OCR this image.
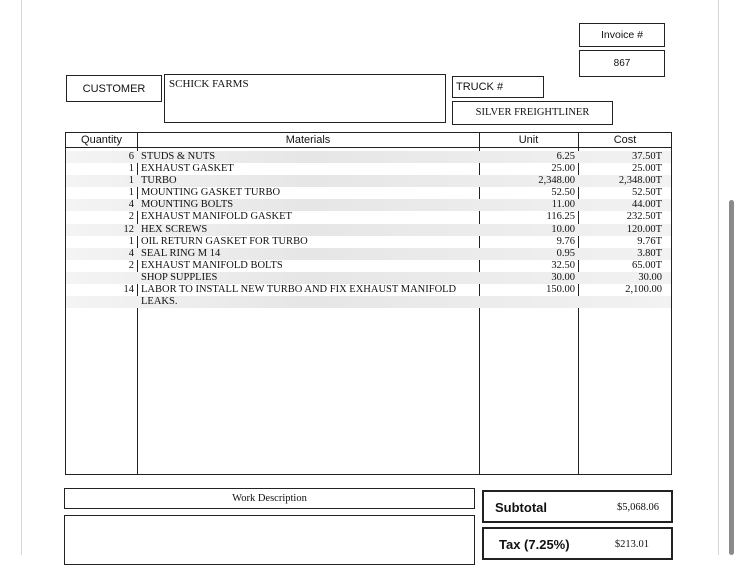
Invoice #
867
CUSTOMER	SCHICK FARMS	TRUCK #
SILVER FREIGHTLINER
Quantity	Materials	Unit	Cost
6 STUDS & NUTS	6.25	37.50T
1 EXHAUST GASKET	25.00	25.00T
1 TURBO	2,348.00	2,348.00T
1 MOUNTING GASKET TURBO	52.50	52.50T
4 MOUNTING BOLTS	11.00	44.00T
2 EXHAUST MANIFOLD GASKET	116.25	232.50T
12 HEX SCREWS	10.00	120.00T
1 OIL RETURN GASKET FOR TURBO	9.76	9.76T
4 SEAL RING M 14	0.95	3.80T
2 EXHAUST MANIFOLD BOLTS	32.50	65.00T
SHOP SUPPLIES	30.00	30.00
14 LABOR TO INSTALL NEW TURBO AND FIX EXHAUST MANIFOLD	150.00	2,100.00
LEAKS.
Work Description
Subtotal	$5,068.06
Tax (7.25%)	$213.01
